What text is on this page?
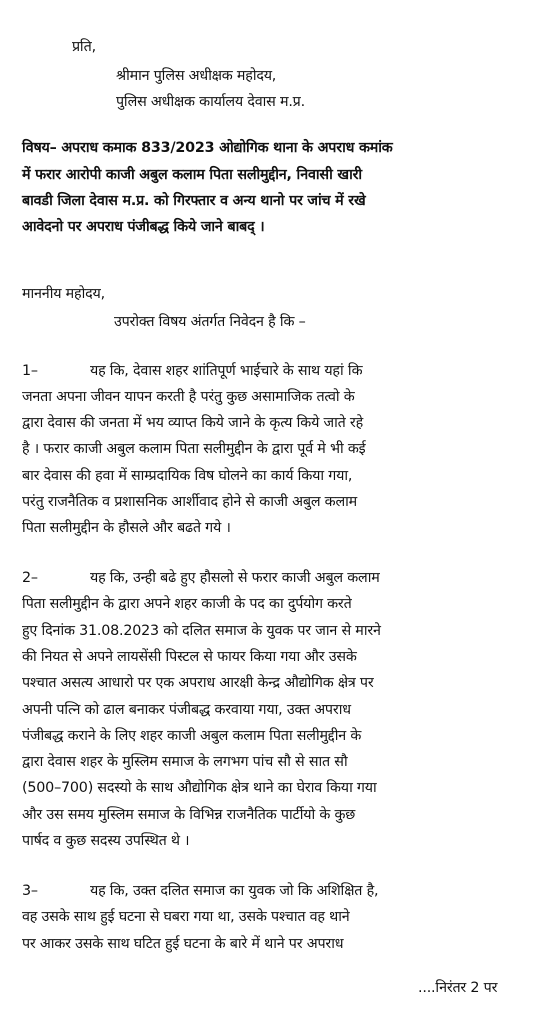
प्रति,
श्रीमान पुलिस अधीक्षक महोदय,
पुलिस अधीक्षक कार्यालय देवास म.प्र.
विषय– अपराध कमाक 833/2023 ओद्योगिक थाना के अपराध कमांक
में फरार आरोपी काजी अबुल कलाम पिता सलीमुद्दीन, निवासी खारी
बावडी जिला देवास म.प्र. को गिरफ्तार व अन्य थानो पर जांच में रखे
आवेदनो पर अपराध पंजीबद्ध किये जाने बाबद् ।
माननीय महोदय,
उपरोक्त विषय अंतर्गत निवेदन है कि –
1–            यह कि, देवास शहर शांतिपूर्ण भाईचारे के साथ यहां कि
जनता अपना जीवन यापन करती है परंतु कुछ असामाजिक तत्वो के
द्वारा देवास की जनता में भय व्याप्त किये जाने के कृत्य किये जाते रहे
है । फरार काजी अबुल कलाम पिता सलीमुद्दीन के द्वारा पूर्व मे भी कई
बार देवास की हवा में साम्प्रदायिक विष घोलने का कार्य किया गया,
परंतु राजनैतिक व प्रशासनिक आर्शीवाद होने से काजी अबुल कलाम
पिता सलीमुद्दीन के हौसले और बढते गये ।
2–            यह कि, उन्ही बढे हुए हौसलो से फरार काजी अबुल कलाम
पिता सलीमुद्दीन के द्वारा अपने शहर काजी के पद का दुर्पयोग करते
हुए दिनांक 31.08.2023 को दलित समाज के युवक पर जान से मारने
की नियत से अपने लायसेंसी पिस्टल से फायर किया गया और उसके
पश्चात असत्य आधारो पर एक अपराध आरक्षी केन्द्र औद्योगिक क्षेत्र पर
अपनी पत्नि को ढाल बनाकर पंजीबद्ध करवाया गया, उक्त अपराध
पंजीबद्ध कराने के लिए शहर काजी अबुल कलाम पिता सलीमुद्दीन के
द्वारा देवास शहर के मुस्लिम समाज के लगभग पांच सौ से सात सौ
(500–700) सदस्यो के साथ औद्योगिक क्षेत्र थाने का घेराव किया गया
और उस समय मुस्लिम समाज के विभिन्न राजनैतिक पार्टीयो के कुछ
पार्षद व कुछ सदस्य उपस्थित थे ।
3–            यह कि, उक्त दलित समाज का युवक जो कि अशिक्षित है,
वह उसके साथ हुई घटना से घबरा गया था, उसके पश्चात वह थाने
पर आकर उसके साथ घटित हुई घटना के बारे में थाने पर अपराध
....निरंतर 2 पर
